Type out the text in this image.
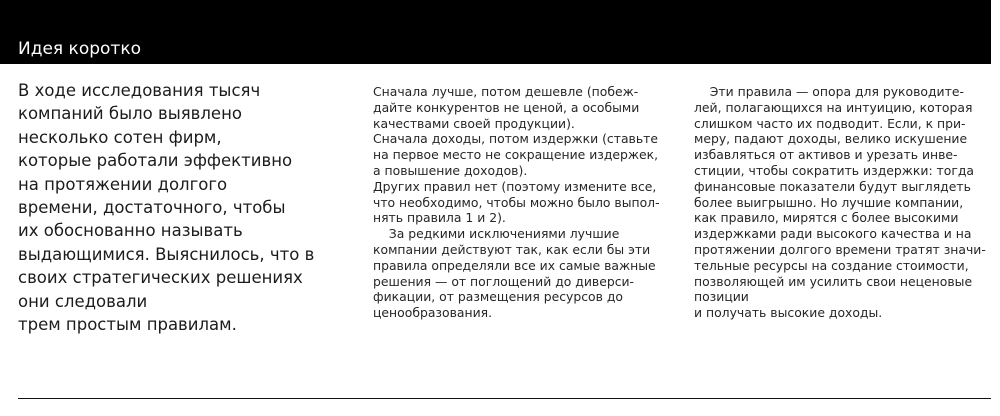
Идея коротко
В ходе исследования тысяч
компаний было выявлено
несколько сотен фирм,
которые работали эффективно
на протяжении долгого
времени, достаточного, чтобы
их обоснованно называть
выдающимися. Выяснилось, что в
своих стратегических решениях
они следовали
трем простым правилам.
Сначала лучше, потом дешевле (побеж-
дайте конкурентов не ценой, а особыми
качествами своей продукции).
Сначала доходы, потом издержки (ставьте
на первое место не сокращение издержек,
а повышение доходов).
Других правил нет (поэтому измените все,
что необходимо, чтобы можно было выпол-
нять правила 1 и 2).
За редкими исключениями лучшие
компании действуют так, как если бы эти
правила определяли все их самые важные
решения — от поглощений до диверси-
фикации, от размещения ресурсов до
ценообразования.
Эти правила — опора для руководите-
лей, полагающихся на интуицию, которая
слишком часто их подводит. Если, к при-
меру, падают доходы, велико искушение
избавляться от активов и урезать инве-
стиции, чтобы сократить издержки: тогда
финансовые показатели будут выглядеть
более выигрышно. Но лучшие компании,
как правило, мирятся с более высокими
издержками ради высокого качества и на
протяжении долгого времени тратят значи-
тельные ресурсы на создание стоимости,
позволяющей им усилить свои неценовые
позиции
и получать высокие доходы.
